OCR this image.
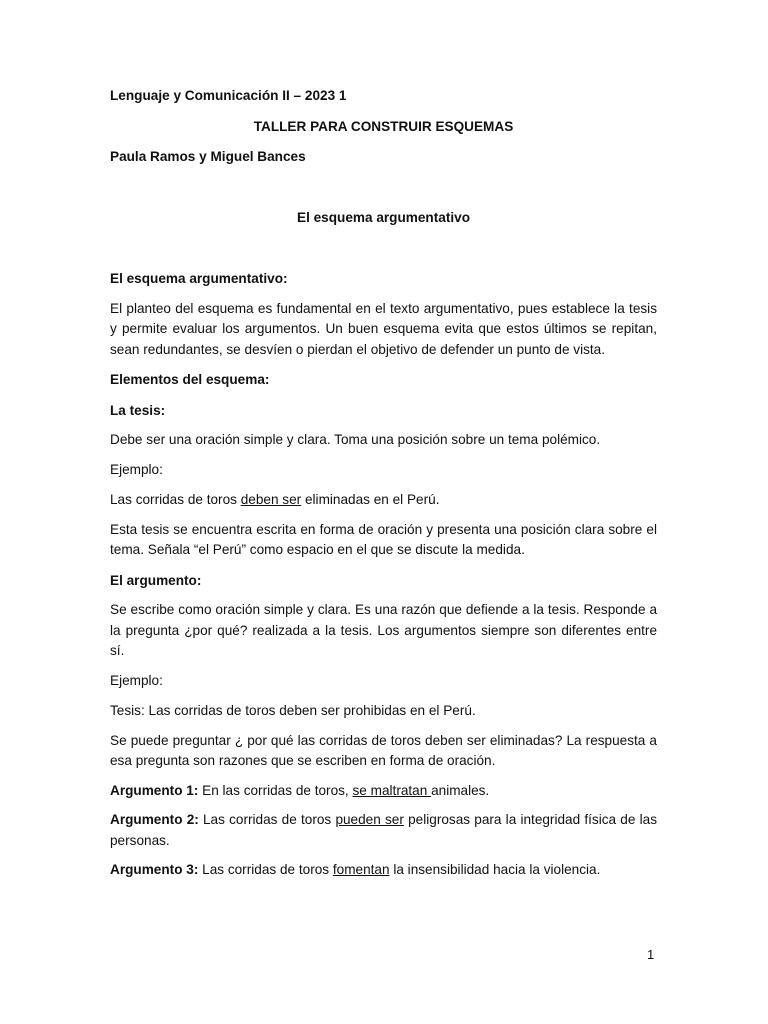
Lenguaje y Comunicación II – 2023 1

TALLER PARA CONSTRUIR ESQUEMAS

Paula Ramos y Miguel Bances

El esquema argumentativo

El esquema argumentativo:

El planteo del esquema es fundamental en el texto argumentativo, pues establece la tesis y permite evaluar los argumentos. Un buen esquema evita que estos últimos se repitan, sean redundantes, se desvíen o pierdan el objetivo de defender un punto de vista.

Elementos del esquema:

La tesis:

Debe ser una oración simple y clara. Toma una posición sobre un tema polémico.

Ejemplo:

Las corridas de toros deben ser eliminadas en el Perú.

Esta tesis se encuentra escrita en forma de oración y presenta una posición clara sobre el tema. Señala “el Perú” como espacio en el que se discute la medida.

El argumento:

Se escribe como oración simple y clara. Es una razón que defiende a la tesis. Responde a la pregunta ¿por qué? realizada a la tesis. Los argumentos siempre son diferentes entre sí.

Ejemplo:

Tesis: Las corridas de toros deben ser prohibidas en el Perú.

Se puede preguntar ¿ por qué las corridas de toros deben ser eliminadas? La respuesta a esa pregunta son razones que se escriben en forma de oración.

Argumento 1: En las corridas de toros, se maltratan animales.

Argumento 2: Las corridas de toros pueden ser peligrosas para la integridad física de las personas.

Argumento 3: Las corridas de toros fomentan la insensibilidad hacia la violencia.

1
